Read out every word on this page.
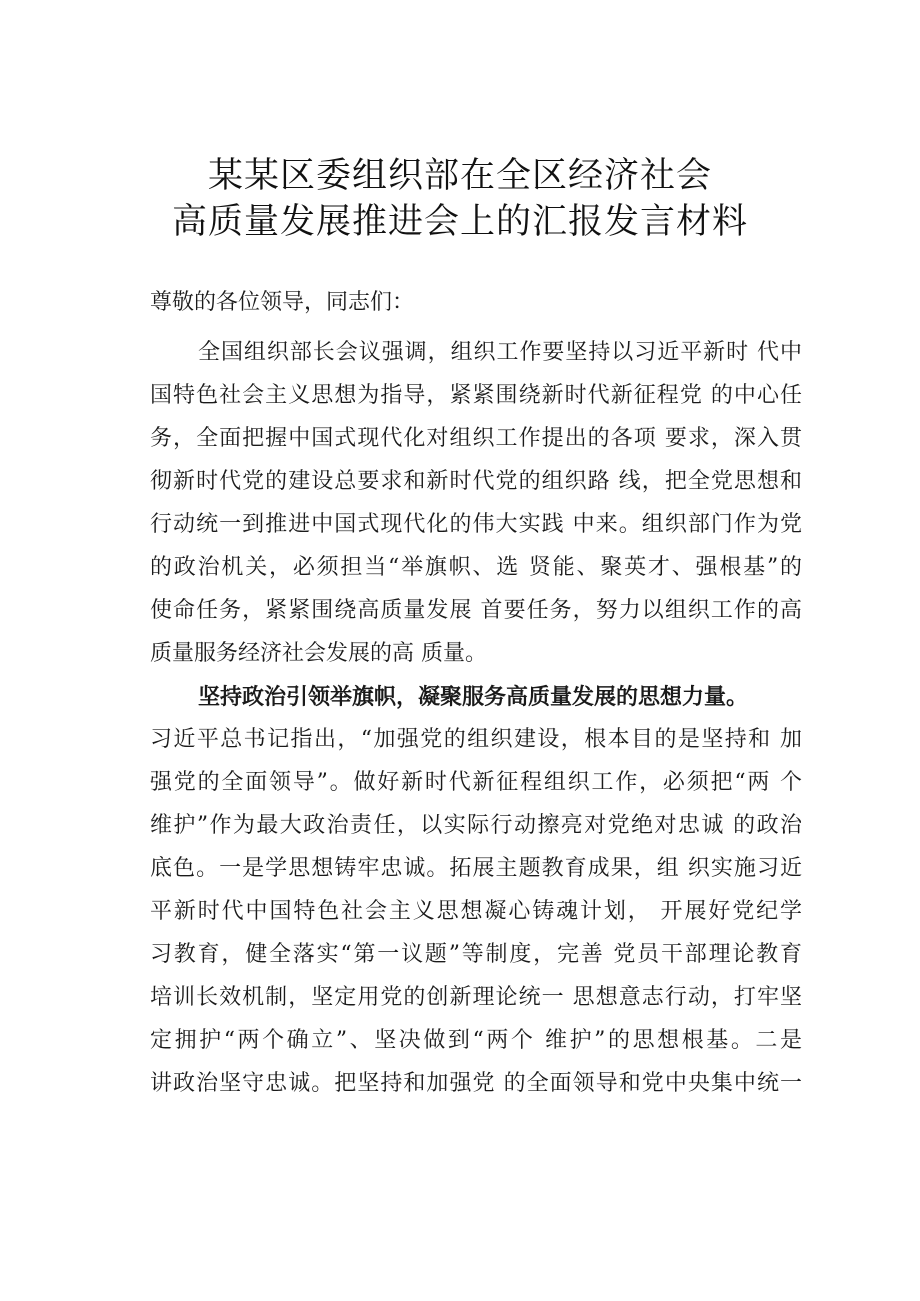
某某区委组织部在全区经济社会
高质量发展推进会上的汇报发言材料
尊敬的各位领导，同志们：
全国组织部长会议强调，组织工作要坚持以习近平新时 代中
国特色社会主义思想为指导，紧紧围绕新时代新征程党 的中心任
务，全面把握中国式现代化对组织工作提出的各项 要求，深入贯
彻新时代党的建设总要求和新时代党的组织路 线，把全党思想和
行动统一到推进中国式现代化的伟大实践 中来。组织部门作为党
的政治机关，必须担当“举旗帜、选 贤能、聚英才、强根基”的
使命任务，紧紧围绕高质量发展 首要任务，努力以组织工作的高
质量服务经济社会发展的高 质量。
坚持政治引领举旗帜，凝聚服务高质量发展的思想力量。
习近平总书记指出，“加强党的组织建设，根本目的是坚持和 加
强党的全面领导”。做好新时代新征程组织工作，必须把“两 个
维护”作为最大政治责任，以实际行动擦亮对党绝对忠诚 的政治
底色。一是学思想铸牢忠诚。拓展主题教育成果，组 织实施习近
平新时代中国特色社会主义思想凝心铸魂计划， 开展好党纪学
习教育，健全落实“第一议题”等制度，完善 党员干部理论教育
培训长效机制，坚定用党的创新理论统一 思想意志行动，打牢坚
定拥护“两个确立”、坚决做到“两个 维护”的思想根基。二是
讲政治坚守忠诚。把坚持和加强党 的全面领导和党中央集中统一
